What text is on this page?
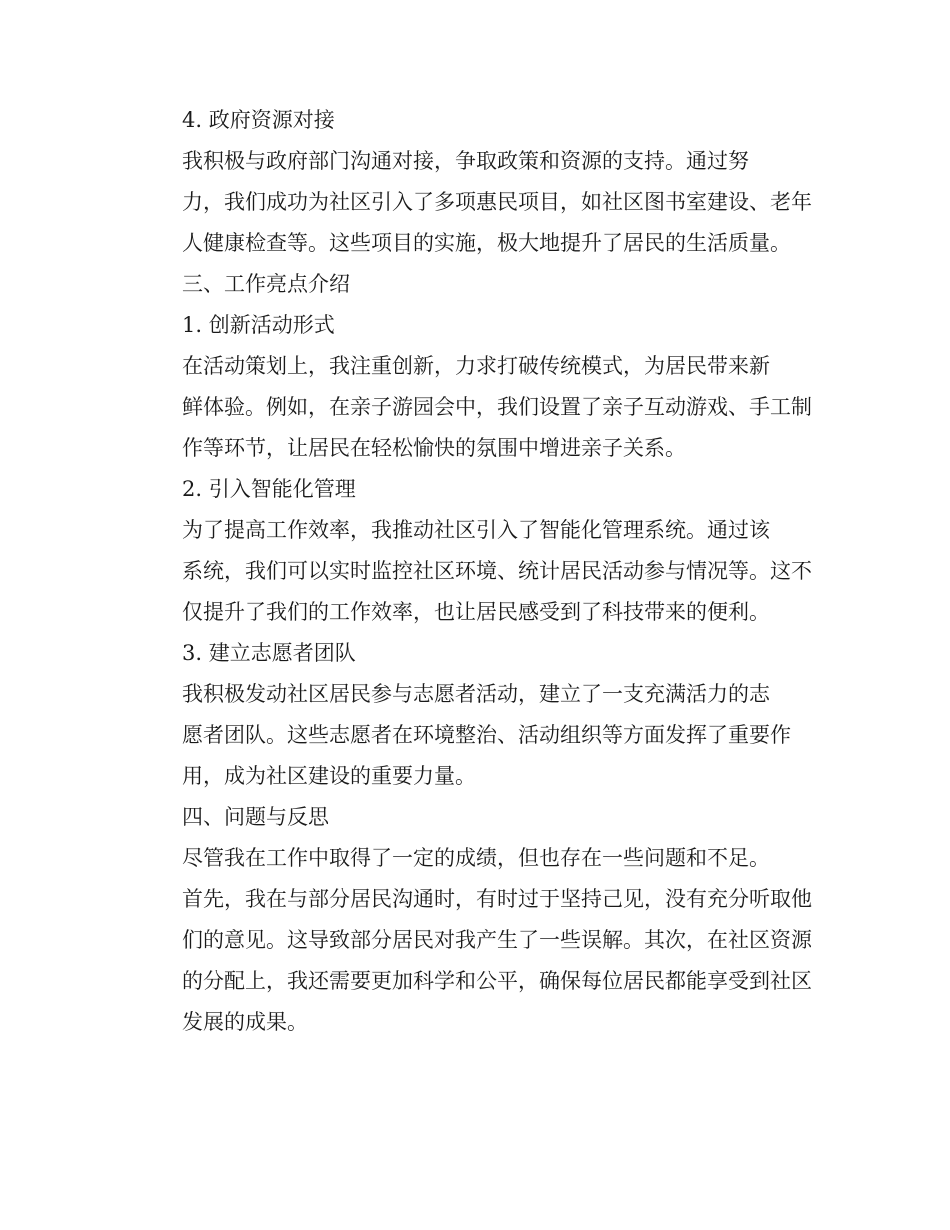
4. 政府资源对接

我积极与政府部门沟通对接，争取政策和资源的支持。通过努
力，我们成功为社区引入了多项惠民项目，如社区图书室建设、老年
人健康检查等。这些项目的实施，极大地提升了居民的生活质量。

三、工作亮点介绍
1. 创新活动形式

在活动策划上，我注重创新，力求打破传统模式，为居民带来新
鲜体验。例如，在亲子游园会中，我们设置了亲子互动游戏、手工制
作等环节，让居民在轻松愉快的氛围中增进亲子关系。

2. 引入智能化管理

为了提高工作效率，我推动社区引入了智能化管理系统。通过该
系统，我们可以实时监控社区环境、统计居民活动参与情况等。这不
仅提升了我们的工作效率，也让居民感受到了科技带来的便利。

3. 建立志愿者团队

我积极发动社区居民参与志愿者活动，建立了一支充满活力的志
愿者团队。这些志愿者在环境整治、活动组织等方面发挥了重要作
用，成为社区建设的重要力量。

四、问题与反思

尽管我在工作中取得了一定的成绩，但也存在一些问题和不足。
首先，我在与部分居民沟通时，有时过于坚持己见，没有充分听取他
们的意见。这导致部分居民对我产生了一些误解。其次，在社区资源
的分配上，我还需要更加科学和公平，确保每位居民都能享受到社区
发展的成果。
